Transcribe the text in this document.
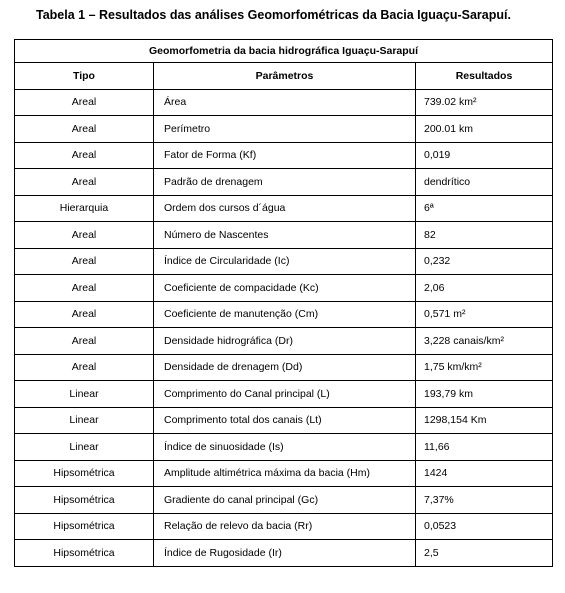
Tabela 1 – Resultados das análises Geomorfométricas da Bacia Iguaçu-Sarapuí.
Geomorfometria da bacia hidrográfica Iguaçu-Sarapuí		
Tipo	Parâmetros	Resultados
Areal	Área	739.02 km²
Areal	Perímetro	200.01 km
Areal	Fator de Forma (Kf)	0,019
Areal	Padrão de drenagem	dendrítico
Hierarquia	Ordem dos cursos d´água	6ª
Areal	Número de Nascentes	82
Areal	Índice de Circularidade (Ic)	0,232
Areal	Coeficiente de compacidade (Kc)	2,06
Areal	Coeficiente de manutenção (Cm)	0,571 m²
Areal	Densidade hidrográfica (Dr)	3,228 canais/km²
Areal	Densidade de drenagem (Dd)	1,75 km/km²
Linear	Comprimento do Canal principal (L)	193,79 km
Linear	Comprimento total dos canais (Lt)	1298,154 Km
Linear	Índice de sinuosidade (Is)	11,66
Hipsométrica	Amplitude altimétrica máxima da bacia (Hm)	1424
Hipsométrica	Gradiente do canal principal (Gc)	7,37%
Hipsométrica	Relação de relevo da bacia (Rr)	0,0523
Hipsométrica	Índice de Rugosidade (Ir)	2,5
